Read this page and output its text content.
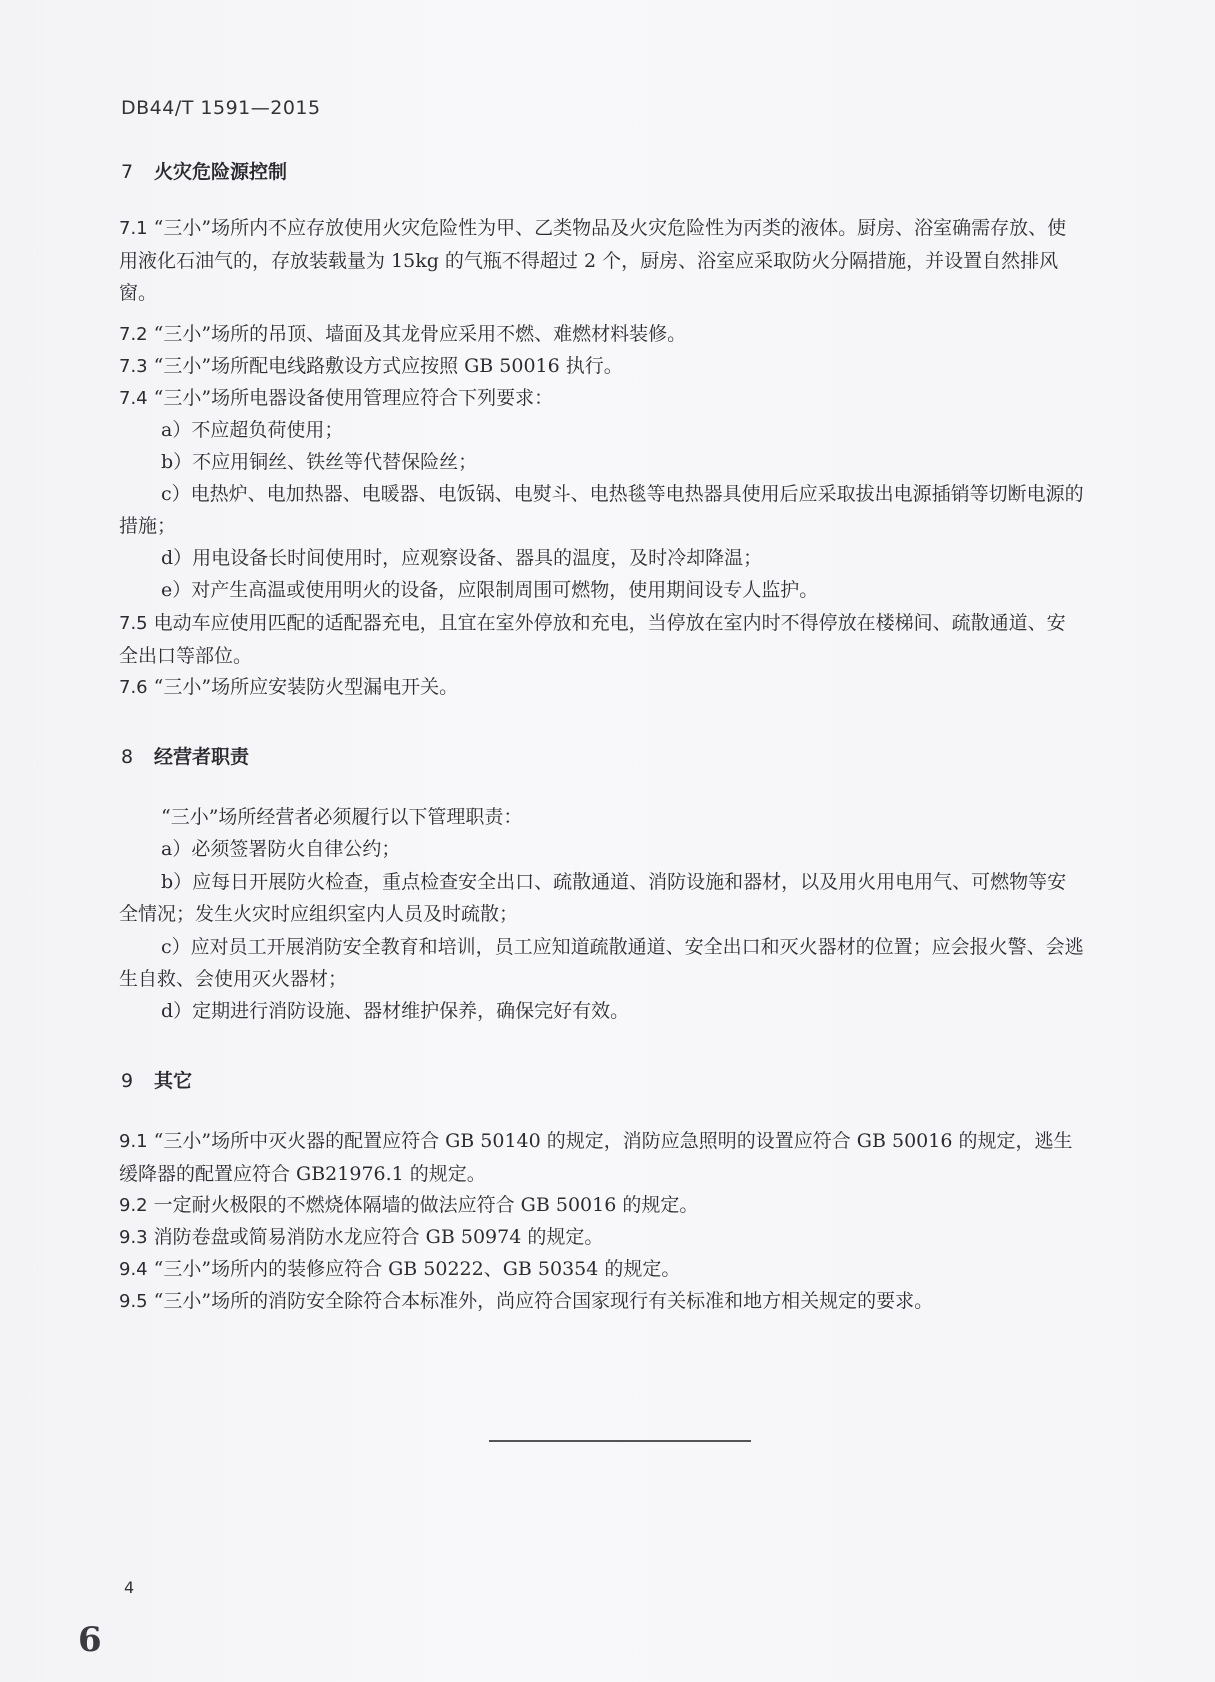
DB44/T 1591—2015
7 火灾危险源控制
7.1 “三小”场所内不应存放使用火灾危险性为甲、乙类物品及火灾危险性为丙类的液体。厨房、浴室确需存放、使用液化石油气的，存放装载量为 15kg 的气瓶不得超过 2 个，厨房、浴室应采取防火分隔措施，并设置自然排风窗。
7.2 “三小”场所的吊顶、墙面及其龙骨应采用不燃、难燃材料装修。
7.3 “三小”场所配电线路敷设方式应按照 GB 50016 执行。
7.4 “三小”场所电器设备使用管理应符合下列要求：
a）不应超负荷使用；
b）不应用铜丝、铁丝等代替保险丝；
c）电热炉、电加热器、电暖器、电饭锅、电熨斗、电热毯等电热器具使用后应采取拔出电源插销等切断电源的措施；
d）用电设备长时间使用时，应观察设备、器具的温度，及时冷却降温；
e）对产生高温或使用明火的设备，应限制周围可燃物，使用期间设专人监护。
7.5 电动车应使用匹配的适配器充电，且宜在室外停放和充电，当停放在室内时不得停放在楼梯间、疏散通道、安全出口等部位。
7.6 “三小”场所应安装防火型漏电开关。
8 经营者职责
“三小”场所经营者必须履行以下管理职责：
a）必须签署防火自律公约；
b）应每日开展防火检查，重点检查安全出口、疏散通道、消防设施和器材，以及用火用电用气、可燃物等安全情况；发生火灾时应组织室内人员及时疏散；
c）应对员工开展消防安全教育和培训，员工应知道疏散通道、安全出口和灭火器材的位置；应会报火警、会逃生自救、会使用灭火器材；
d）定期进行消防设施、器材维护保养，确保完好有效。
9 其它
9.1 “三小”场所中灭火器的配置应符合 GB 50140 的规定，消防应急照明的设置应符合 GB 50016 的规定，逃生缓降器的配置应符合 GB21976.1 的规定。
9.2 一定耐火极限的不燃烧体隔墙的做法应符合 GB 50016 的规定。
9.3 消防卷盘或简易消防水龙应符合 GB 50974 的规定。
9.4 “三小”场所内的装修应符合 GB 50222、GB 50354 的规定。
9.5 “三小”场所的消防安全除符合本标准外，尚应符合国家现行有关标准和地方相关规定的要求。
4
6
